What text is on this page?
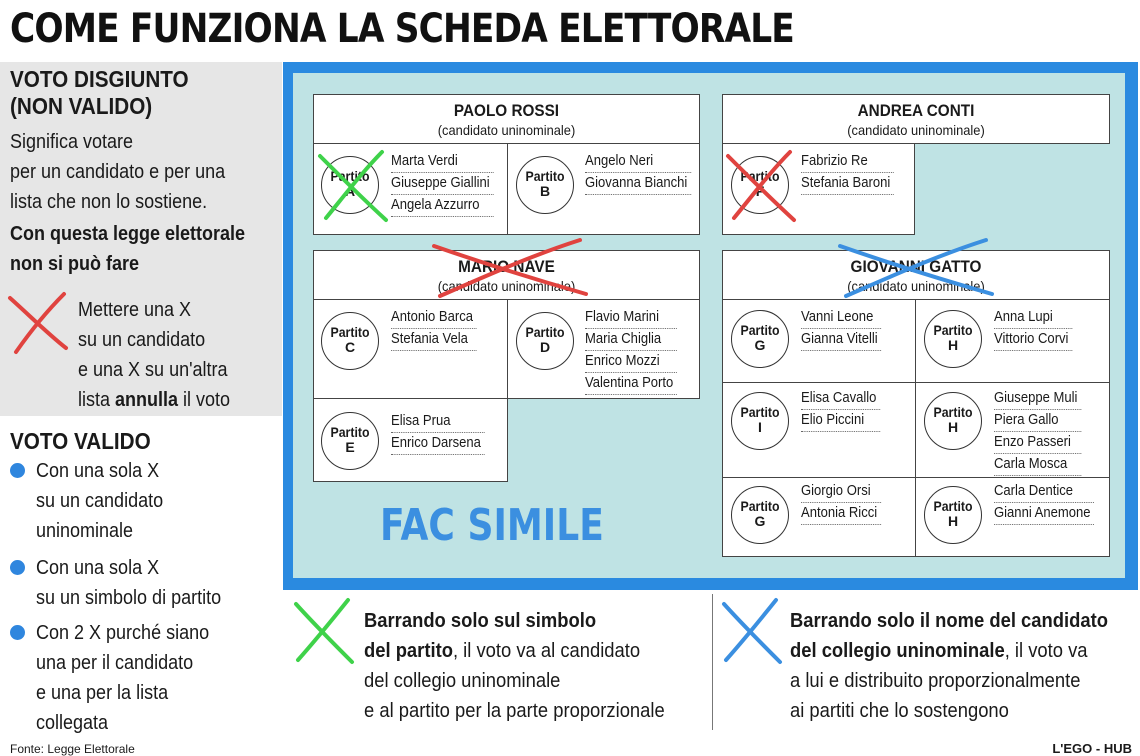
COME FUNZIONA LA SCHEDA ELETTORALE
VOTO DISGIUNTO
(NON VALIDO)
Significa votare
per un candidato e per una
lista che non lo sostiene.
Con questa legge elettorale
non si può fare
Mettere una X
su un candidato
e una X su un'altra
lista annulla il voto
VOTO VALIDO
Con una sola X
su un candidato
uninominale
Con una sola X
su un simbolo di partito
Con 2 X purché siano
una per il candidato
e una per la lista
collegata
PAOLO ROSSI
(candidato uninominale)
ANDREA CONTI
(candidato uninominale)
MARIO NAVE
(candidato uninominale)
GIOVANNI GATTO
(candidato uninominale)
Partito
A
Partito
B
Partito
F
Partito
C
Partito
D
Partito
E
Partito
G
Partito
H
Partito
I
Partito
H
Partito
G
Partito
H
Marta Verdi
Giuseppe Giallini
Angela Azzurro
Angelo Neri
Giovanna Bianchi
Fabrizio Re
Stefania Baroni
Antonio Barca
Stefania Vela
Flavio Marini
Maria Chiglia
Enrico Mozzi
Valentina Porto
Elisa Prua
Enrico Darsena
Vanni Leone
Gianna Vitelli
Anna Lupi
Vittorio Corvi
Elisa Cavallo
Elio Piccini
Giuseppe Muli
Piera Gallo
Enzo Passeri
Carla Mosca
Giorgio Orsi
Antonia Ricci
Carla Dentice
Gianni Anemone
FAC SIMILE
Barrando solo sul simbolo
del partito, il voto va al candidato
del collegio uninominale
e al partito per la parte proporzionale
Barrando solo il nome del candidato
del collegio uninominale, il voto va
a lui e distribuito proporzionalmente
ai partiti che lo sostengono
Fonte: Legge Elettorale	L'EGO - HUB
